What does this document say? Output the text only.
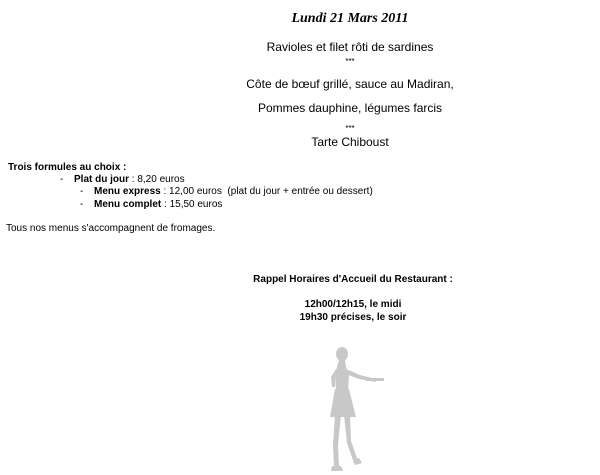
Lundi 21 Mars 2011
Ravioles et filet rôti de sardines
***
Côte de bœuf grillé, sauce au Madiran,
Pommes dauphine, légumes farcis
***
Tarte Chiboust
Trois formules au choix :
- Plat du jour : 8,20 euros
- Menu express : 12,00 euros (plat du jour + entrée ou dessert)
- Menu complet : 15,50 euros
Tous nos menus s'accompagnent de fromages.
Rappel Horaires d'Accueil du Restaurant :
12h00/12h15, le midi
19h30 précises, le soir
